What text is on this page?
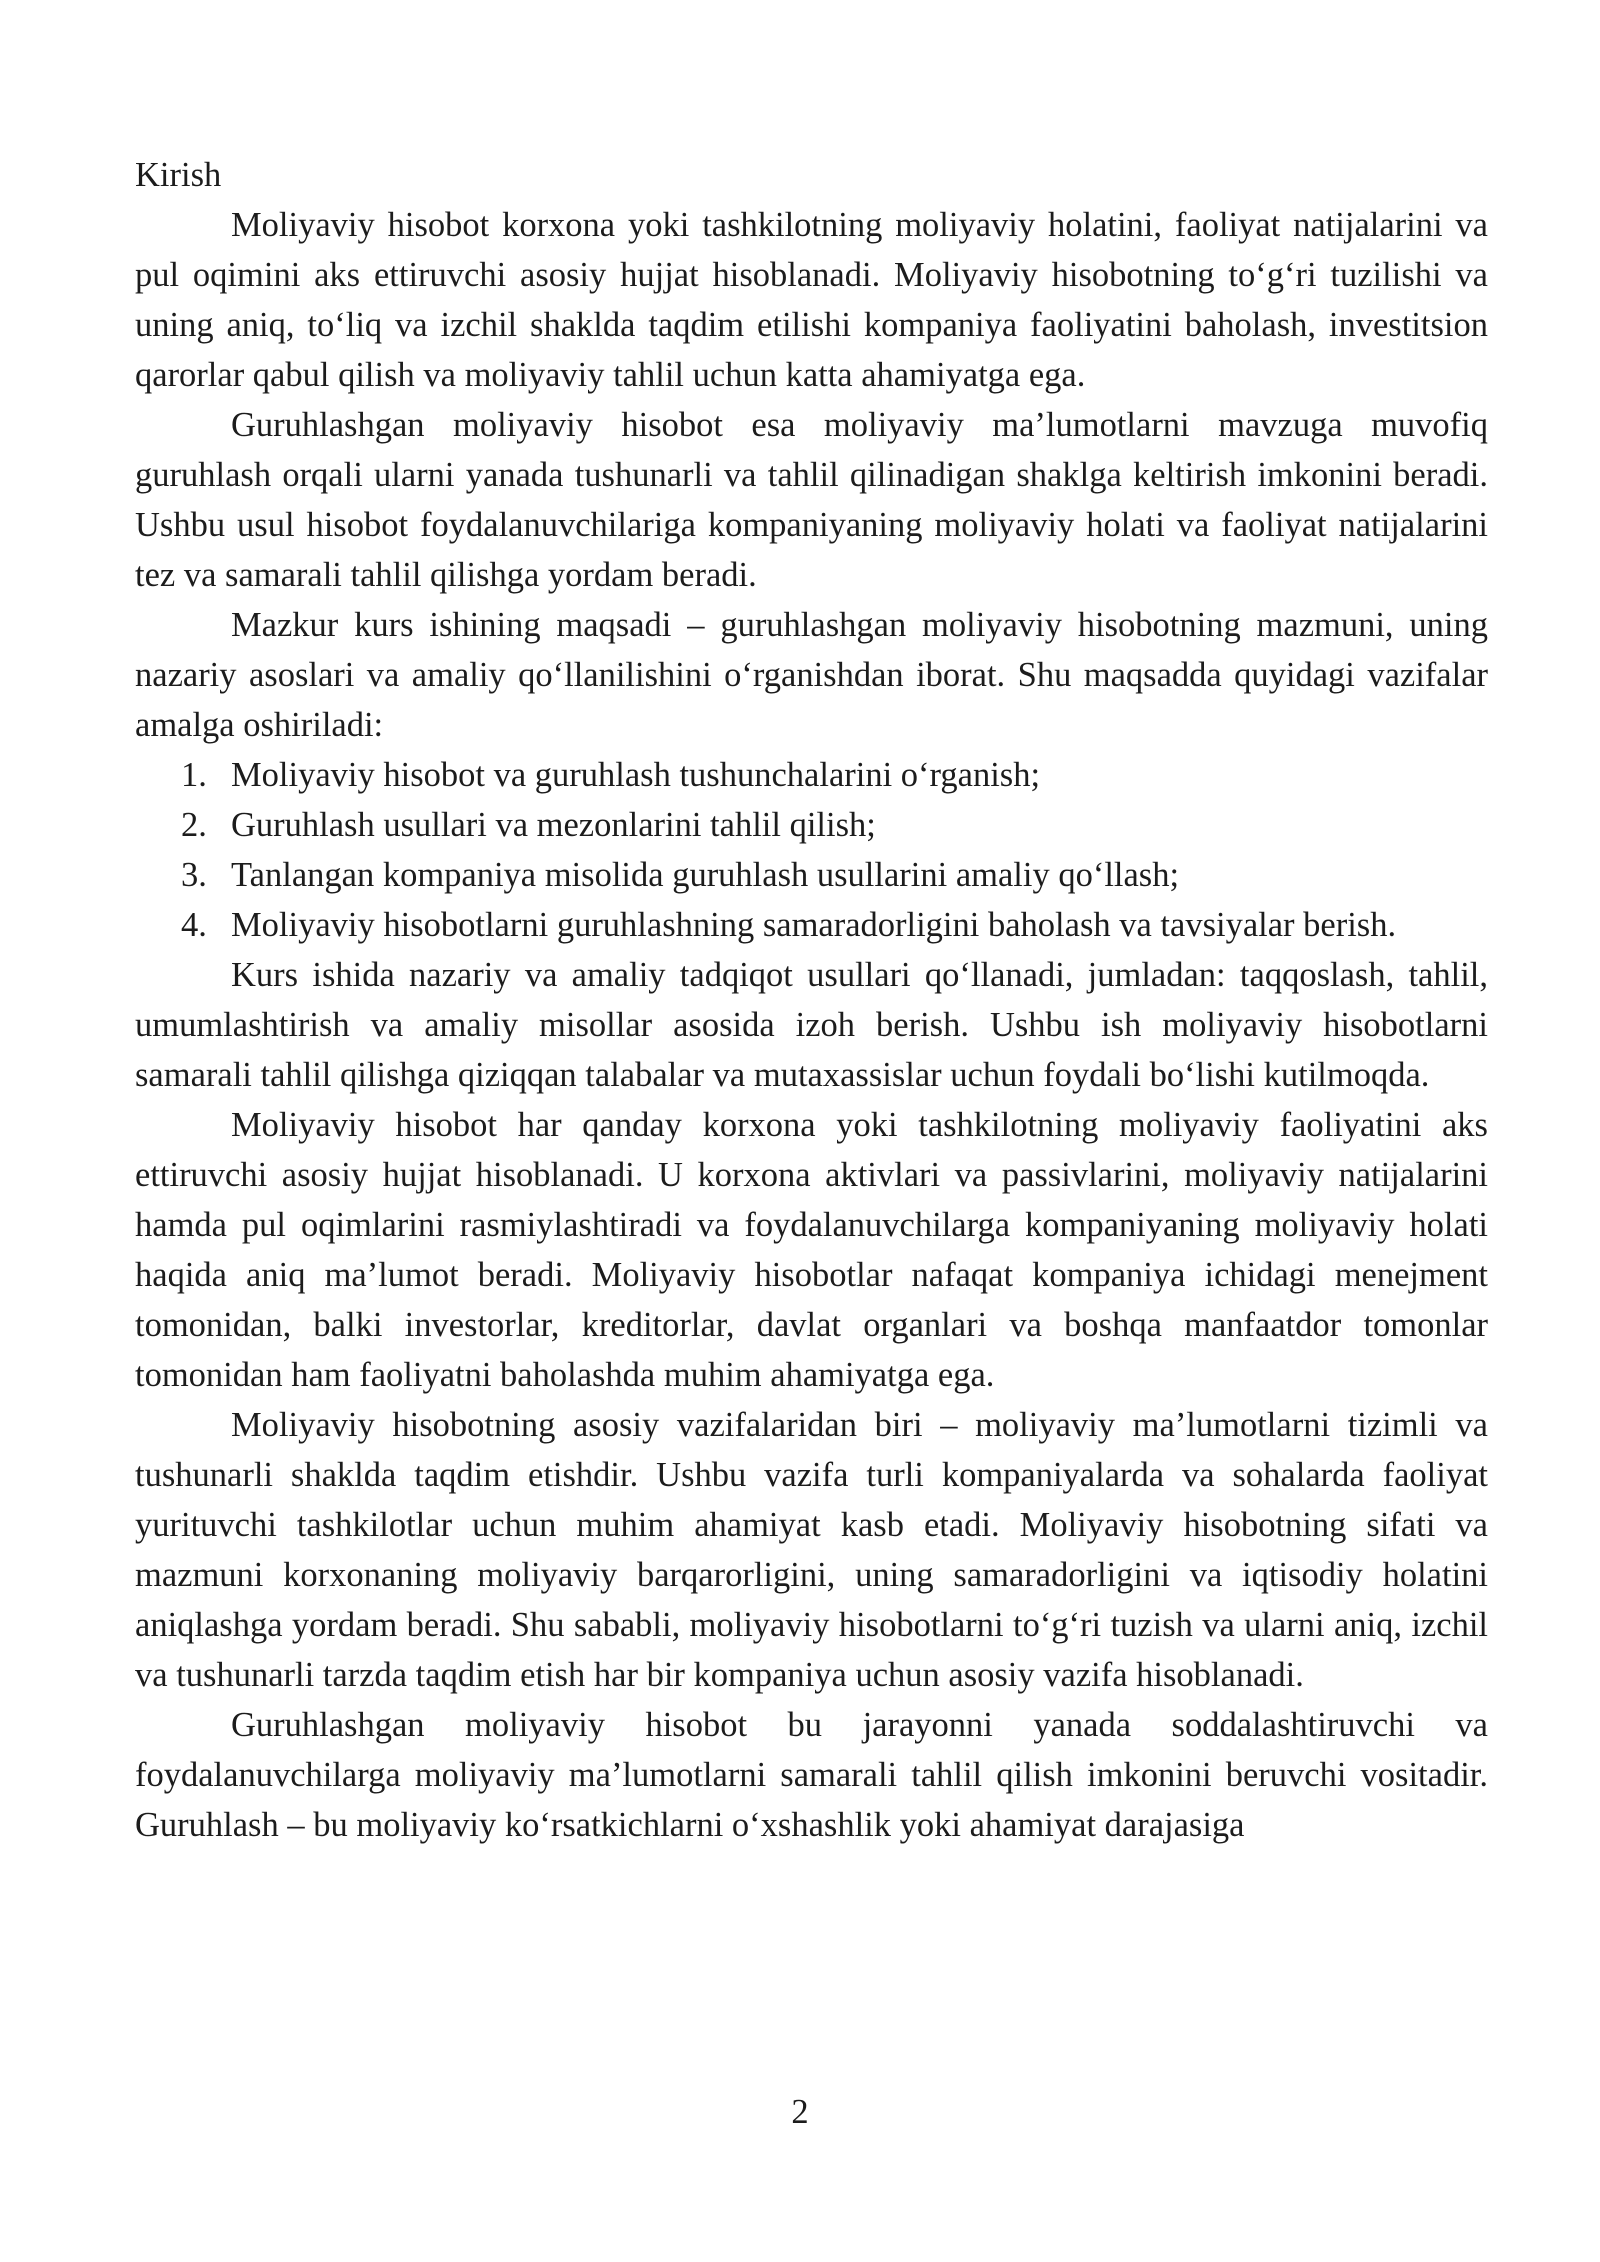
Kirish

Moliyaviy hisobot korxona yoki tashkilotning moliyaviy holatini, faoliyat natijalarini va pul oqimini aks ettiruvchi asosiy hujjat hisoblanadi. Moliyaviy hisobotning to‘g‘ri tuzilishi va uning aniq, to‘liq va izchil shaklda taqdim etilishi kompaniya faoliyatini baholash, investitsion qarorlar qabul qilish va moliyaviy tahlil uchun katta ahamiyatga ega.

Guruhlashgan moliyaviy hisobot esa moliyaviy ma’lumotlarni mavzuga muvofiq guruhlash orqali ularni yanada tushunarli va tahlil qilinadigan shaklga keltirish imkonini beradi. Ushbu usul hisobot foydalanuvchilariga kompaniyaning moliyaviy holati va faoliyat natijalarini tez va samarali tahlil qilishga yordam beradi.

Mazkur kurs ishining maqsadi – guruhlashgan moliyaviy hisobotning mazmuni, uning nazariy asoslari va amaliy qo‘llanilishini o‘rganishdan iborat. Shu maqsadda quyidagi vazifalar amalga oshiriladi:

1. Moliyaviy hisobot va guruhlash tushunchalarini o‘rganish;
2. Guruhlash usullari va mezonlarini tahlil qilish;
3. Tanlangan kompaniya misolida guruhlash usullarini amaliy qo‘llash;
4. Moliyaviy hisobotlarni guruhlashning samaradorligini baholash va tavsiyalar berish.

Kurs ishida nazariy va amaliy tadqiqot usullari qo‘llanadi, jumladan: taqqoslash, tahlil, umumlashtirish va amaliy misollar asosida izoh berish. Ushbu ish moliyaviy hisobotlarni samarali tahlil qilishga qiziqqan talabalar va mutaxassislar uchun foydali bo‘lishi kutilmoqda.

Moliyaviy hisobot har qanday korxona yoki tashkilotning moliyaviy faoliyatini aks ettiruvchi asosiy hujjat hisoblanadi. U korxona aktivlari va passivlarini, moliyaviy natijalarini hamda pul oqimlarini rasmiylashtiradi va foydalanuvchilarga kompaniyaning moliyaviy holati haqida aniq ma’lumot beradi. Moliyaviy hisobotlar nafaqat kompaniya ichidagi menejment tomonidan, balki investorlar, kreditorlar, davlat organlari va boshqa manfaatdor tomonlar tomonidan ham faoliyatni baholashda muhim ahamiyatga ega.

Moliyaviy hisobotning asosiy vazifalaridan biri – moliyaviy ma’lumotlarni tizimli va tushunarli shaklda taqdim etishdir. Ushbu vazifa turli kompaniyalarda va sohalarda faoliyat yurituvchi tashkilotlar uchun muhim ahamiyat kasb etadi. Moliyaviy hisobotning sifati va mazmuni korxonaning moliyaviy barqarorligini, uning samaradorligini va iqtisodiy holatini aniqlashga yordam beradi. Shu sababli, moliyaviy hisobotlarni to‘g‘ri tuzish va ularni aniq, izchil va tushunarli tarzda taqdim etish har bir kompaniya uchun asosiy vazifa hisoblanadi.

Guruhlashgan moliyaviy hisobot bu jarayonni yanada soddalashtiruvchi va foydalanuvchilarga moliyaviy ma’lumotlarni samarali tahlil qilish imkonini beruvchi vositadir. Guruhlash – bu moliyaviy ko‘rsatkichlarni o‘xshashlik yoki ahamiyat darajasiga

2
